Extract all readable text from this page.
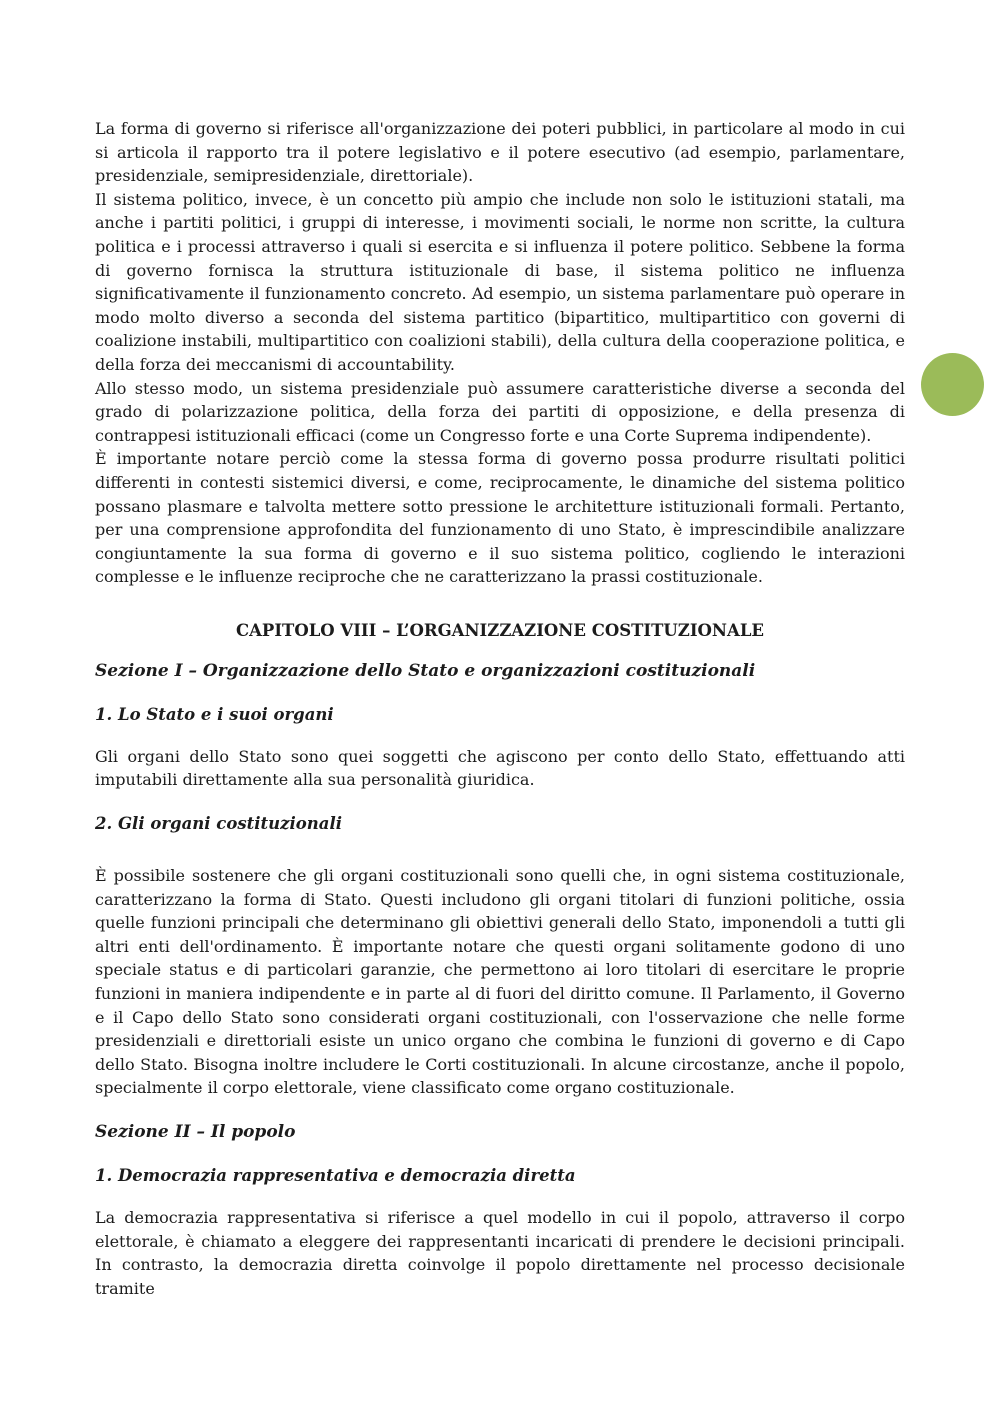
La forma di governo si riferisce all'organizzazione dei poteri pubblici, in particolare al modo in cui si articola il rapporto tra il potere legislativo e il potere esecutivo (ad esempio, parlamentare, presidenziale, semipresidenziale, direttoriale).

Il sistema politico, invece, è un concetto più ampio che include non solo le istituzioni statali, ma anche i partiti politici, i gruppi di interesse, i movimenti sociali, le norme non scritte, la cultura politica e i processi attraverso i quali si esercita e si influenza il potere politico. Sebbene la forma di governo fornisca la struttura istituzionale di base, il sistema politico ne influenza significativamente il funzionamento concreto. Ad esempio, un sistema parlamentare può operare in modo molto diverso a seconda del sistema partitico (bipartitico, multipartitico con governi di coalizione instabili, multipartitico con coalizioni stabili), della cultura della cooperazione politica, e della forza dei meccanismi di accountability.

Allo stesso modo, un sistema presidenziale può assumere caratteristiche diverse a seconda del grado di polarizzazione politica, della forza dei partiti di opposizione, e della presenza di contrappesi istituzionali efficaci (come un Congresso forte e una Corte Suprema indipendente).

È importante notare perciò come la stessa forma di governo possa produrre risultati politici differenti in contesti sistemici diversi, e come, reciprocamente, le dinamiche del sistema politico possano plasmare e talvolta mettere sotto pressione le architetture istituzionali formali. Pertanto, per una comprensione approfondita del funzionamento di uno Stato, è imprescindibile analizzare congiuntamente la sua forma di governo e il suo sistema politico, cogliendo le interazioni complesse e le influenze reciproche che ne caratterizzano la prassi costituzionale.

CAPITOLO VIII – L’ORGANIZZAZIONE COSTITUZIONALE
Sezione I – Organizzazione dello Stato e organizzazioni costituzionali
1. Lo Stato e i suoi organi

Gli organi dello Stato sono quei soggetti che agiscono per conto dello Stato, effettuando atti imputabili direttamente alla sua personalità giuridica.

2. Gli organi costituzionali

È possibile sostenere che gli organi costituzionali sono quelli che, in ogni sistema costituzionale, caratterizzano la forma di Stato. Questi includono gli organi titolari di funzioni politiche, ossia quelle funzioni principali che determinano gli obiettivi generali dello Stato, imponendoli a tutti gli altri enti dell'ordinamento. È importante notare che questi organi solitamente godono di uno speciale status e di particolari garanzie, che permettono ai loro titolari di esercitare le proprie funzioni in maniera indipendente e in parte al di fuori del diritto comune. Il Parlamento, il Governo e il Capo dello Stato sono considerati organi costituzionali, con l'osservazione che nelle forme presidenziali e direttoriali esiste un unico organo che combina le funzioni di governo e di Capo dello Stato. Bisogna inoltre includere le Corti costituzionali. In alcune circostanze, anche il popolo, specialmente il corpo elettorale, viene classificato come organo costituzionale.

Sezione II – Il popolo
1. Democrazia rappresentativa e democrazia diretta

La democrazia rappresentativa si riferisce a quel modello in cui il popolo, attraverso il corpo elettorale, è chiamato a eleggere dei rappresentanti incaricati di prendere le decisioni principali. In contrasto, la democrazia diretta coinvolge il popolo direttamente nel processo decisionale tramite
